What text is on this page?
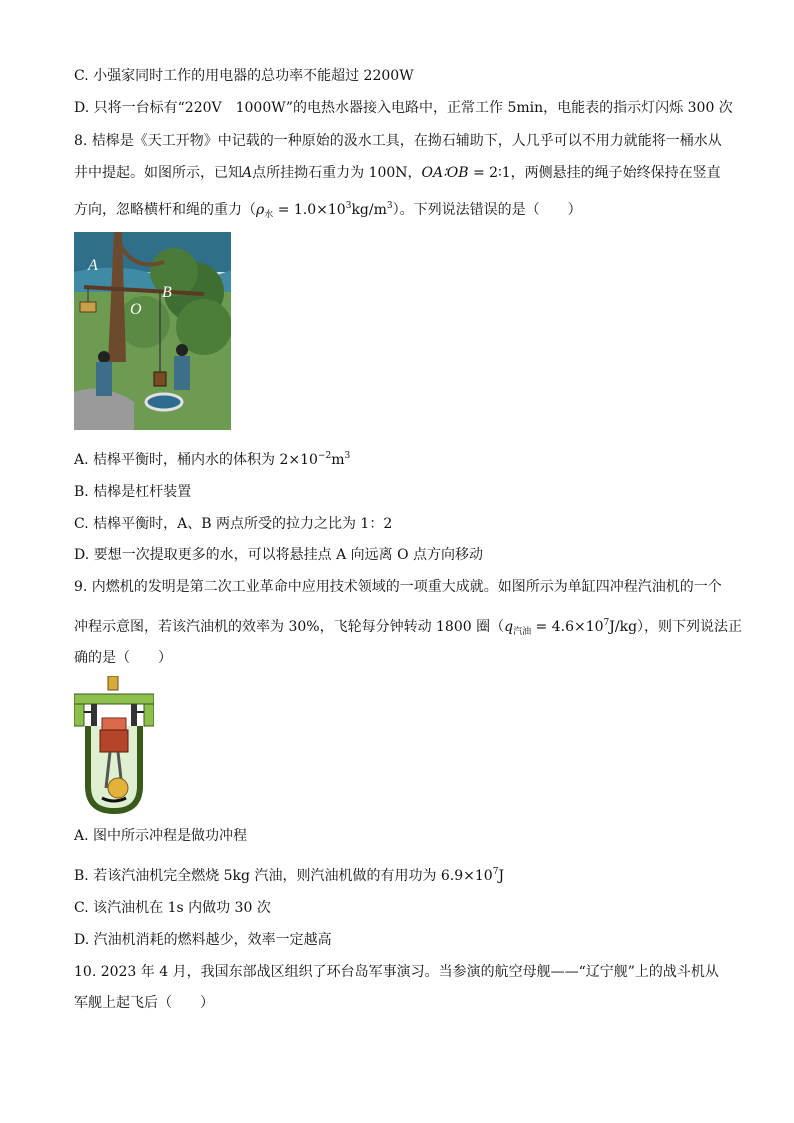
C. 小强家同时工作的用电器的总功率不能超过 2200W
D. 只将一台标有“220V　1000W”的电热水器接入电路中，正常工作 5min，电能表的指示灯闪烁 300 次
8. 桔槔是《天工开物》中记载的一种原始的汲水工具，在拗石辅助下，人几乎可以不用力就能将一桶水从
井中提起。如图所示，已知A点所挂拗石重力为 100N，OA∶OB = 2∶1，两侧悬挂的绳子始终保持在竖直
方向，忽略横杆和绳的重力$(\rho_水 = 1.0\times 10^3kg/m^3)$。下列说法错误的是（　　）
A
B
O
A. 桔槔平衡时，桶内水的体积为 $2\times 10^{-2}m^3$
B. 桔槔是杠杆装置
C. 桔槔平衡时，A、B 两点所受的拉力之比为 1：2
D. 要想一次提取更多的水，可以将悬挂点 A 向远离 O 点方向移动
9. 内燃机的发明是第二次工业革命中应用技术领域的一项重大成就。如图所示为单缸四冲程汽油机的一个
冲程示意图，若该汽油机的效率为 30%，飞轮每分钟转动 1800 圈$(q_{汽油} = 4.6\times 10^7J/kg)$，则下列说法正
确的是（　　）
A. 图中所示冲程是做功冲程
B. 若该汽油机完全燃烧 5kg 汽油，则汽油机做的有用功为 $6.9\times 10^7J$
C. 该汽油机在 1s 内做功 30 次
D. 汽油机消耗的燃料越少，效率一定越高
10. 2023 年 4 月，我国东部战区组织了环台岛军事演习。当参演的航空母舰——“辽宁舰”上的战斗机从
军舰上起飞后（　　）
